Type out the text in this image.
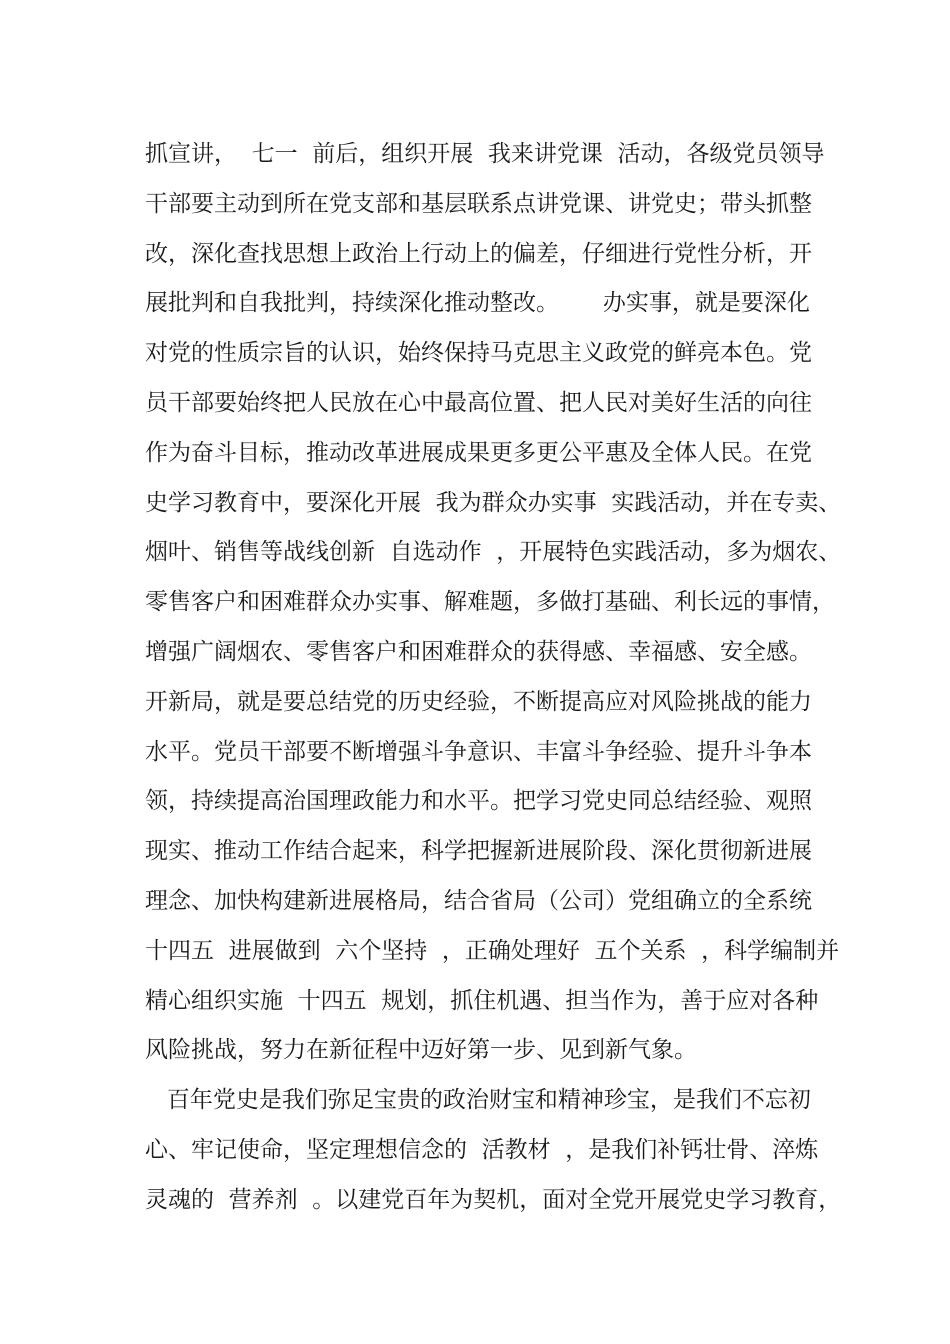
抓宣讲，  七一  前后，组织开展  我来讲党课  活动，各级党员领导
干部要主动到所在党支部和基层联系点讲党课、讲党史；带头抓整
改，深化查找思想上政治上行动上的偏差，仔细进行党性分析，开
展批判和自我批判，持续深化推动整改。      办实事，就是要深化
对党的性质宗旨的认识，始终保持马克思主义政党的鲜亮本色。党
员干部要始终把人民放在心中最高位置、把人民对美好生活的向往
作为奋斗目标，推动改革进展成果更多更公平惠及全体人民。在党
史学习教育中，要深化开展  我为群众办实事  实践活动，并在专卖、
烟叶、销售等战线创新  自选动作  ，开展特色实践活动，多为烟农、
零售客户和困难群众办实事、解难题，多做打基础、利长远的事情，
增强广阔烟农、零售客户和困难群众的获得感、幸福感、安全感。
开新局，就是要总结党的历史经验，不断提高应对风险挑战的能力
水平。党员干部要不断增强斗争意识、丰富斗争经验、提升斗争本
领，持续提高治国理政能力和水平。把学习党史同总结经验、观照
现实、推动工作结合起来，科学把握新进展阶段、深化贯彻新进展
理念、加快构建新进展格局，结合省局（公司）党组确立的全系统
十四五  进展做到  六个坚持  ，正确处理好  五个关系  ，科学编制并
精心组织实施  十四五  规划，抓住机遇、担当作为，善于应对各种
风险挑战，努力在新征程中迈好第一步、见到新气象。
百年党史是我们弥足宝贵的政治财宝和精神珍宝，是我们不忘初
心、牢记使命，坚定理想信念的  活教材  ，是我们补钙壮骨、淬炼
灵魂的  营养剂  。以建党百年为契机，面对全党开展党史学习教育，
